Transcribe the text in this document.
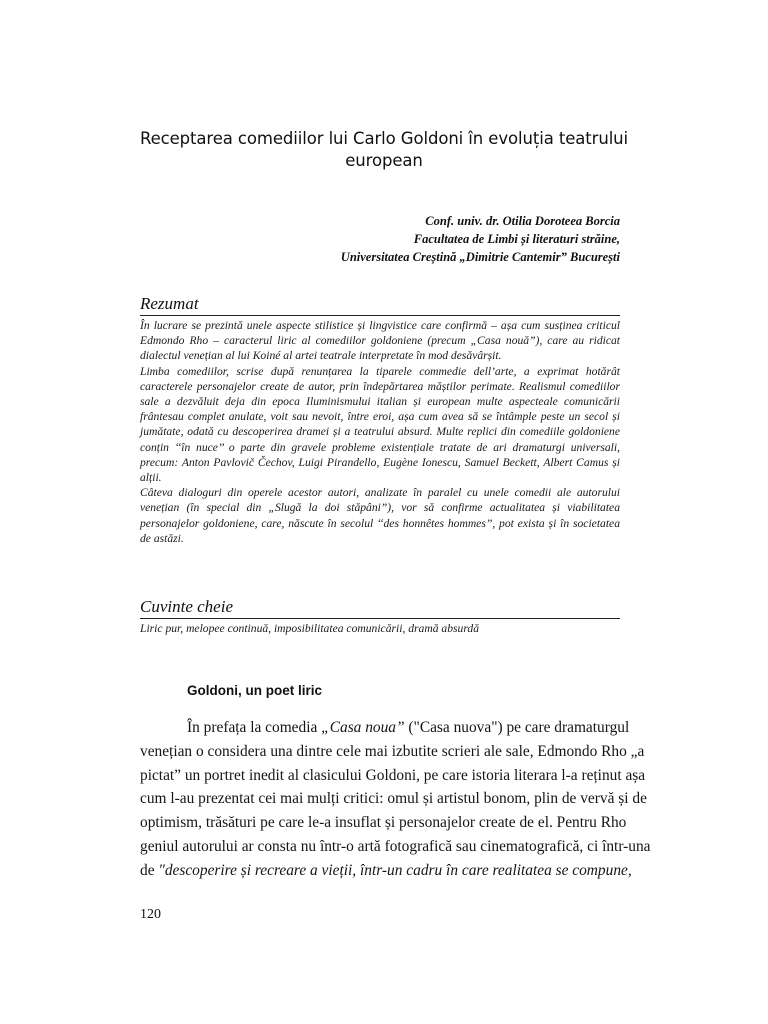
Receptarea comediilor lui Carlo Goldoni în evoluția teatrului
european
Conf. univ. dr. Otilia Doroteea Borcia
Facultatea de Limbi și literaturi străine,
Universitatea Creștină „Dimitrie Cantemir” București
Rezumat

În lucrare se prezintă unele aspecte stilistice și lingvistice care confirmă – așa cum susținea criticul Edmondo Rho – caracterul liric al comediilor goldoniene (precum „Casa nouă”), care au ridicat dialectul venețian al lui Koiné al artei teatrale interpretate în mod desăvârșit.

Limba comediilor, scrise după renunțarea la tiparele commedie dell’arte, a exprimat hotărât caracterele personajelor create de autor, prin îndepărtarea măștilor perimate. Realismul comediilor sale a dezvăluit deja din epoca Iluminismului italian și european multe aspecteale comunicării frântesau complet anulate, voit sau nevoit, între eroi, așa cum avea să se întâmple peste un secol și jumătate, odată cu descoperirea dramei și a teatrului absurd. Multe replici din comediile goldoniene conțin ‘‘în nuce’’ o parte din gravele probleme existențiale tratate de ari dramaturgi universali, precum: Anton Pavlovič Čechov, Luigi Pirandello, Eugène Ionescu, Samuel Beckett, Albert Camus și alții.

Câteva dialoguri din operele acestor autori, analizate în paralel cu unele comedii ale autorului venețian (în special din „Slugă la doi stăpâni”), vor să confirme actualitatea și viabilitatea personajelor goldoniene, care, născute în secolul ‘‘des honnêtes hommes’’, pot exista și în societatea de astăzi.

Cuvinte cheie
Liric pur, melopee continuă, imposibilitatea comunicării, dramă absurdă
Goldoni, un poet liric
În prefața la comedia „Casa noua” ("Casa nuova") pe care dramaturgul
venețian o considera una dintre cele mai izbutite scrieri ale sale, Edmondo Rho „a
pictat” un portret inedit al clasicului Goldoni, pe care istoria literara l-a reținut așa
cum l-au prezentat cei mai mulți critici: omul și artistul bonom, plin de vervă și de
optimism, trăsături pe care le-a insuflat și personajelor create de el. Pentru Rho
geniul autorului ar consta nu într-o artă fotografică sau cinematografică, ci într-una
de "descoperire și recreare a vieții, într-un cadru în care realitatea se compune,
120
